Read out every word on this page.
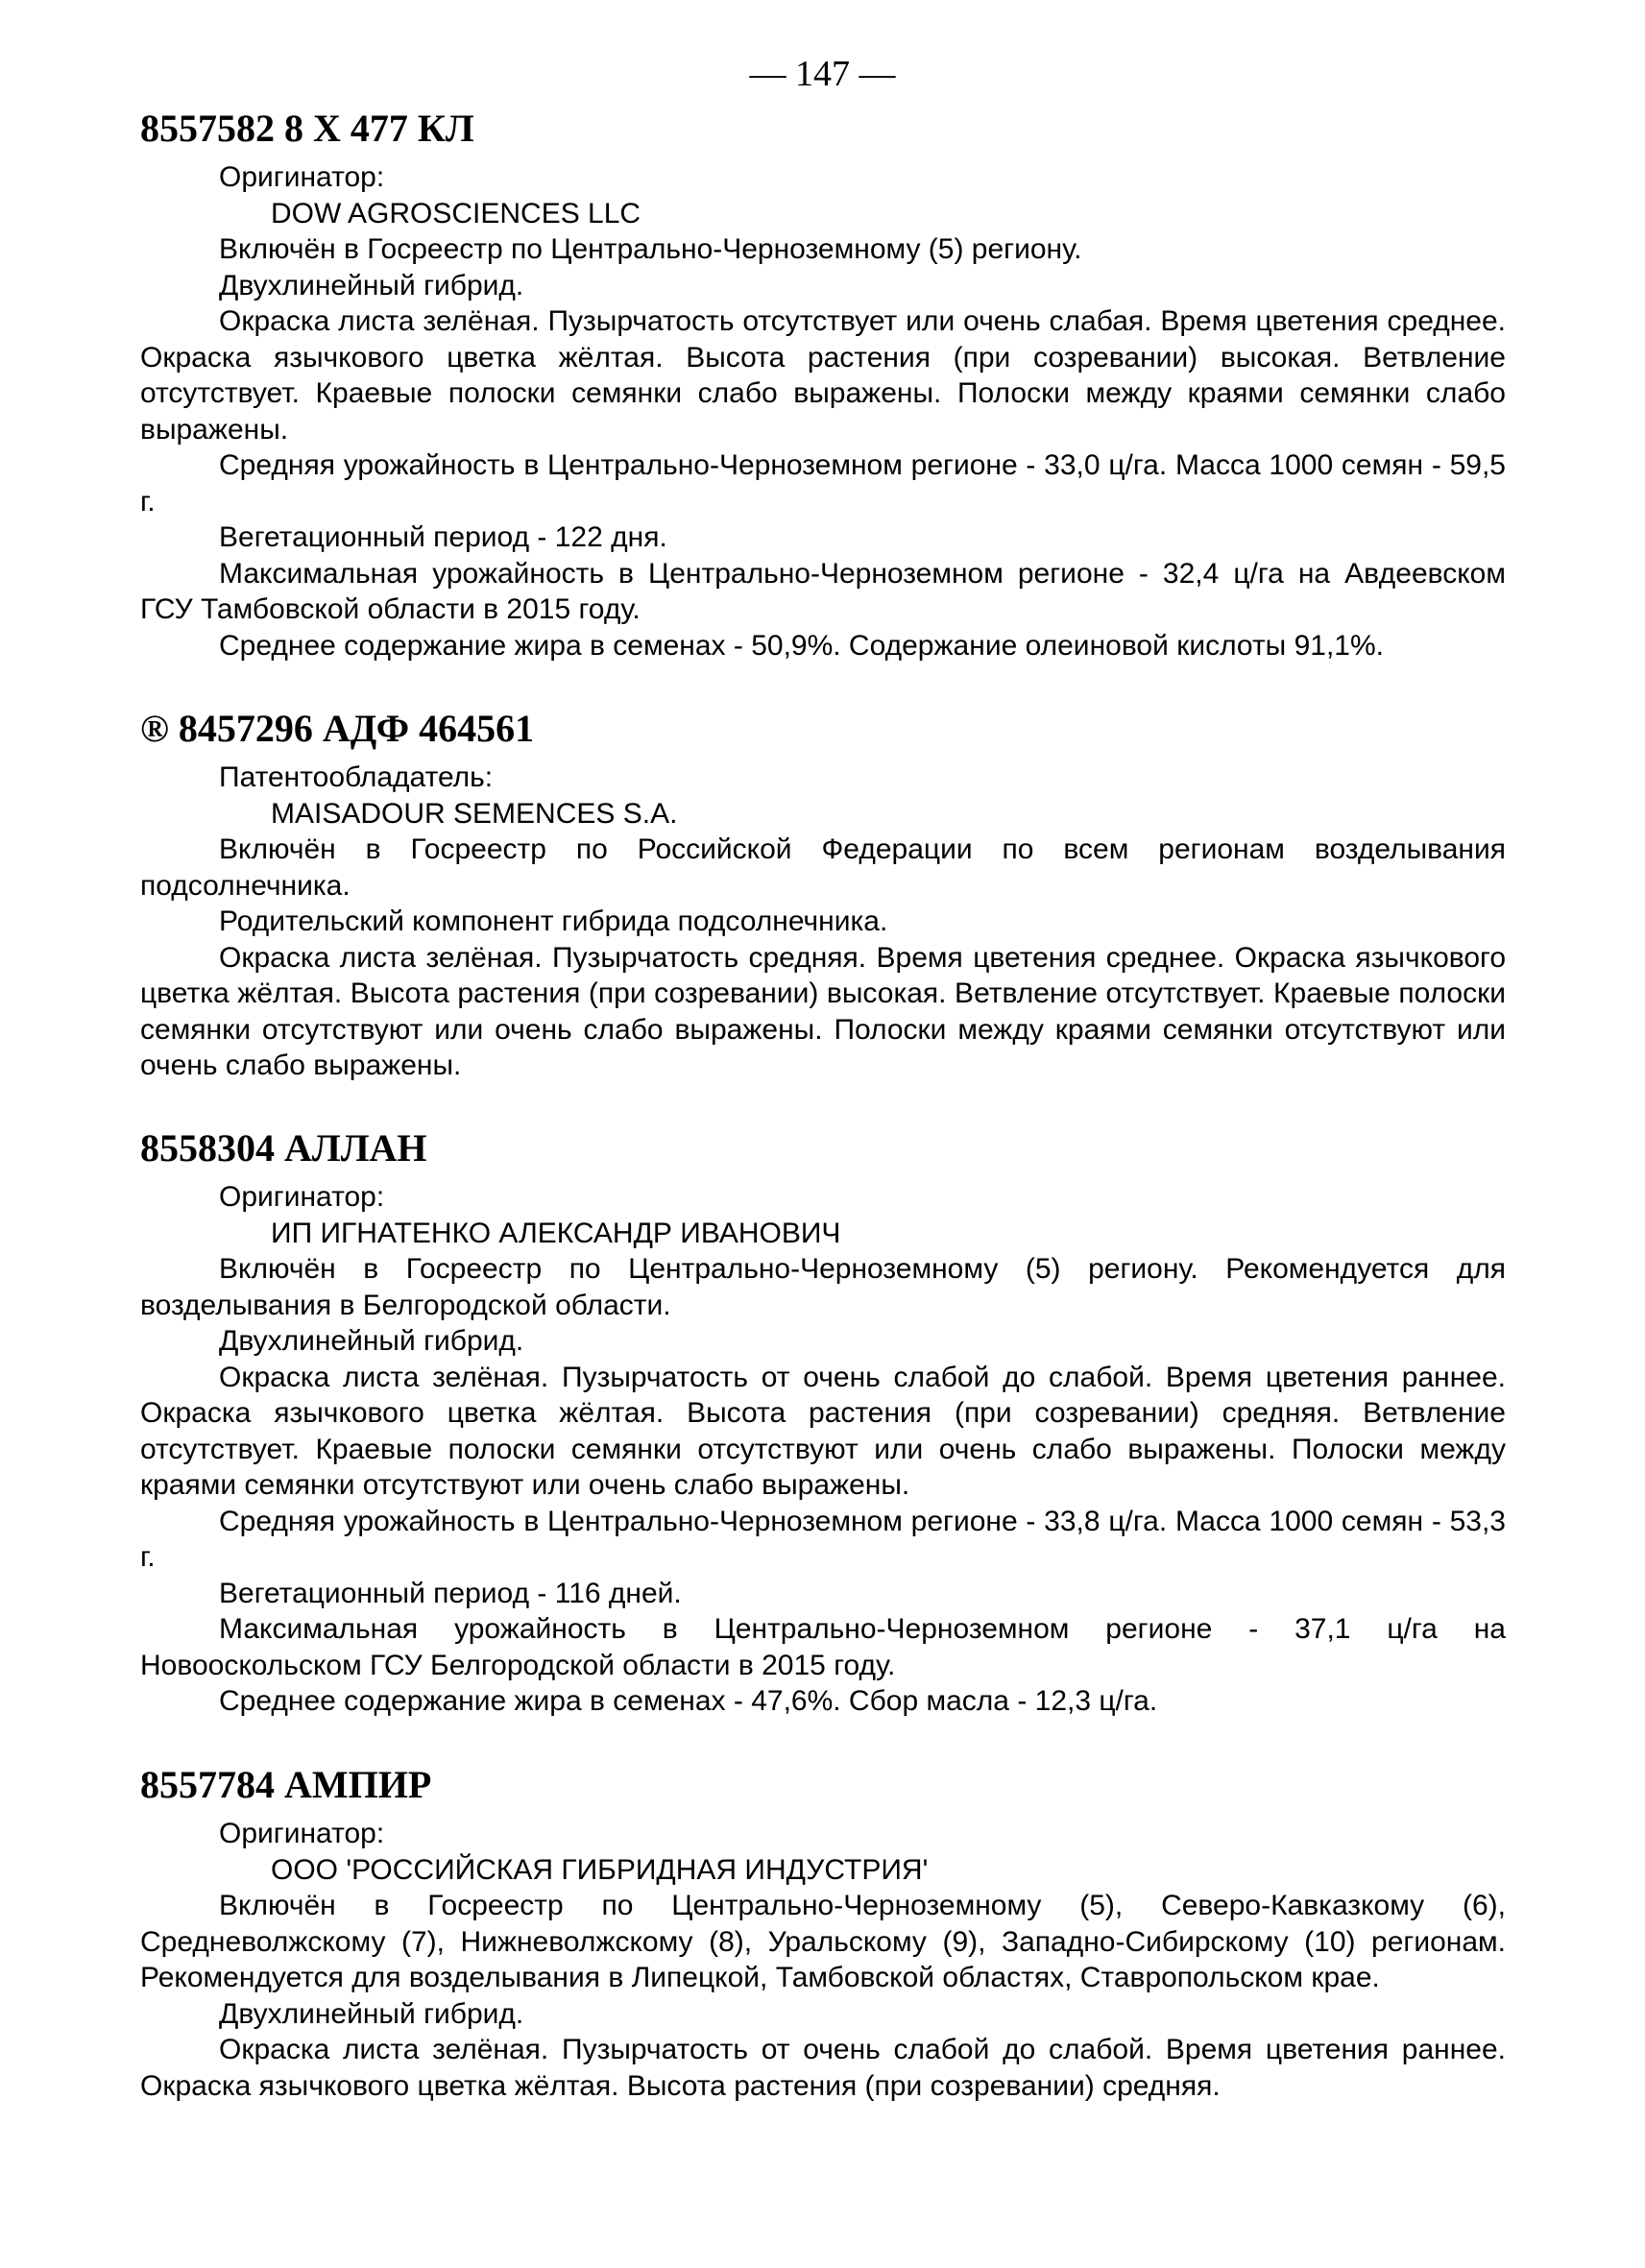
— 147 —
8557582 8 X 477 КЛ

Оригинатор:

DOW AGROSCIENCES LLC

Включён в Госреестр по Центрально-Черноземному (5) региону.

Двухлинейный гибрид.

Окраска листа зелёная. Пузырчатость отсутствует или очень слабая. Время цветения среднее. Окраска язычкового цветка жёлтая. Высота растения (при созревании) высокая. Ветвление отсутствует. Краевые полоски семянки слабо выражены. Полоски между краями семянки слабо выражены.

Средняя урожайность в Центрально-Черноземном регионе - 33,0 ц/га. Масса 1000 семян - 59,5 г.

Вегетационный период - 122 дня.

Максимальная урожайность в Центрально-Черноземном регионе - 32,4 ц/га на Авдеевском ГСУ Тамбовской области в 2015 году.

Среднее содержание жира в семенах - 50,9%. Содержание олеиновой кислоты 91,1%.

® 8457296 АДФ 464561

Патентообладатель:

MAISADOUR SEMENCES S.A.

Включён в Госреестр по Российской Федерации по всем регионам возделывания подсолнечника.

Родительский компонент гибрида подсолнечника.

Окраска листа зелёная. Пузырчатость средняя. Время цветения среднее. Окраска язычкового цветка жёлтая. Высота растения (при созревании) высокая. Ветвление отсутствует. Краевые полоски семянки отсутствуют или очень слабо выражены. Полоски между краями семянки отсутствуют или очень слабо выражены.

8558304 АЛЛАН

Оригинатор:

ИП ИГНАТЕНКО АЛЕКСАНДР ИВАНОВИЧ

Включён в Госреестр по Центрально-Черноземному (5) региону. Рекомендуется для возделывания в Белгородской области.

Двухлинейный гибрид.

Окраска листа зелёная. Пузырчатость от очень слабой до слабой. Время цветения раннее. Окраска язычкового цветка жёлтая. Высота растения (при созревании) средняя. Ветвление отсутствует. Краевые полоски семянки отсутствуют или очень слабо выражены. Полоски между краями семянки отсутствуют или очень слабо выражены.

Средняя урожайность в Центрально-Черноземном регионе - 33,8 ц/га. Масса 1000 семян - 53,3 г.

Вегетационный период - 116 дней.

Максимальная урожайность в Центрально-Черноземном регионе - 37,1 ц/га на Новооскольском ГСУ Белгородской области в 2015 году.

Среднее содержание жира в семенах - 47,6%. Сбор масла - 12,3 ц/га.

8557784 АМПИР

Оригинатор:

ООО 'РОССИЙСКАЯ ГИБРИДНАЯ ИНДУСТРИЯ'

Включён в Госреестр по Центрально-Черноземному (5), Северо-Кавказкому (6), Средневолжскому (7), Нижневолжскому (8), Уральскому (9), Западно-Сибирскому (10) регионам. Рекомендуется для возделывания в Липецкой, Тамбовской областях, Ставропольском крае.

Двухлинейный гибрид.

Окраска листа зелёная. Пузырчатость от очень слабой до слабой. Время цветения раннее. Окраска язычкового цветка жёлтая. Высота растения (при созревании) средняя.
